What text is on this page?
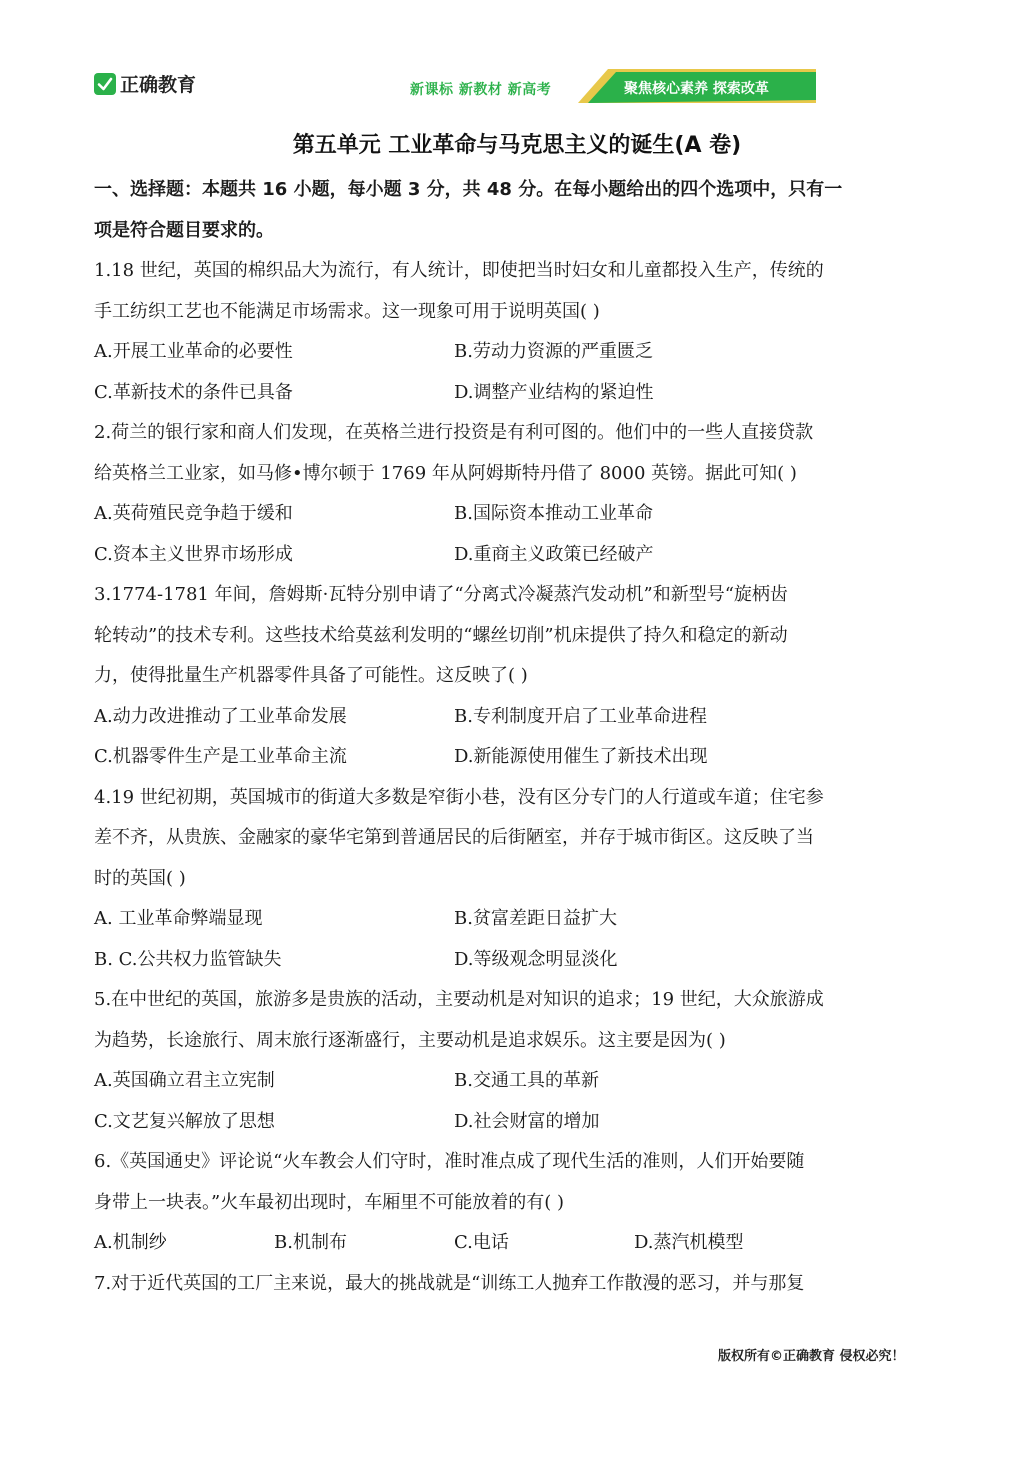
正确教育	新课标 新教材 新高考	聚焦核心素养 探索改革
第五单元 工业革命与马克思主义的诞生(A 卷)
一、选择题：本题共 16 小题，每小题 3 分，共 48 分。在每小题给出的四个选项中，只有一
项是符合题目要求的。
1.18 世纪，英国的棉织品大为流行，有人统计，即使把当时妇女和儿童都投入生产，传统的
手工纺织工艺也不能满足市场需求。这一现象可用于说明英国( )
A.开展工业革命的必要性	B.劳动力资源的严重匮乏
C.革新技术的条件已具备	D.调整产业结构的紧迫性
2.荷兰的银行家和商人们发现，在英格兰进行投资是有利可图的。他们中的一些人直接贷款
给英格兰工业家，如马修•博尔顿于 1769 年从阿姆斯特丹借了 8000 英镑。据此可知( )
A.英荷殖民竞争趋于缓和	B.国际资本推动工业革命
C.资本主义世界市场形成	D.重商主义政策已经破产
3.1774-1781 年间，詹姆斯·瓦特分别申请了“分离式冷凝蒸汽发动机”和新型号“旋柄齿
轮转动”的技术专利。这些技术给莫兹利发明的“螺丝切削”机床提供了持久和稳定的新动
力，使得批量生产机器零件具备了可能性。这反映了( )
A.动力改进推动了工业革命发展	B.专利制度开启了工业革命进程
C.机器零件生产是工业革命主流	D.新能源使用催生了新技术出现
4.19 世纪初期，英国城市的街道大多数是窄街小巷，没有区分专门的人行道或车道；住宅参
差不齐，从贵族、金融家的豪华宅第到普通居民的后街陋室，并存于城市街区。这反映了当
时的英国( )
A. 工业革命弊端显现	B.贫富差距日益扩大
B. C.公共权力监管缺失	D.等级观念明显淡化
5.在中世纪的英国，旅游多是贵族的活动，主要动机是对知识的追求；19 世纪，大众旅游成
为趋势，长途旅行、周末旅行逐渐盛行，主要动机是追求娱乐。这主要是因为( )
A.英国确立君主立宪制	B.交通工具的革新
C.文艺复兴解放了思想	D.社会财富的增加
6.《英国通史》评论说“火车教会人们守时，准时准点成了现代生活的准则，人们开始要随
身带上一块表。”火车最初出现时，车厢里不可能放着的有( )
A.机制纱	B.机制布	C.电话	D.蒸汽机模型
7.对于近代英国的工厂主来说，最大的挑战就是“训练工人抛弃工作散漫的恶习，并与那复
版权所有©正确教育 侵权必究！
